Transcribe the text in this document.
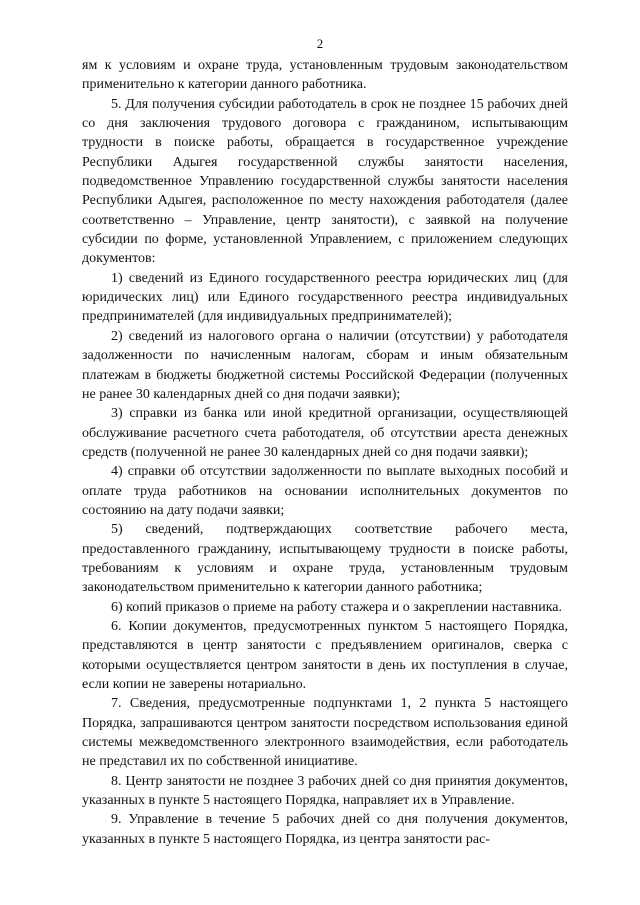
2

ям к условиям и охране труда, установленным трудовым законодательством применительно к категории данного работника.

5. Для получения субсидии работодатель в срок не позднее 15 рабочих дней со дня заключения трудового договора с гражданином, испытывающим трудности в поиске работы, обращается в государственное учреждение Республики Адыгея государственной службы занятости населения, подведомственное Управлению государственной службы занятости населения Республики Адыгея, расположенное по месту нахождения работодателя (далее соответственно – Управление, центр занятости), с заявкой на получение субсидии по форме, установленной Управлением, с приложением следующих документов:

1) сведений из Единого государственного реестра юридических лиц (для юридических лиц) или Единого государственного реестра индивидуальных предпринимателей (для индивидуальных предпринимателей);

2) сведений из налогового органа о наличии (отсутствии) у работодателя задолженности по начисленным налогам, сборам и иным обязательным платежам в бюджеты бюджетной системы Российской Федерации (полученных не ранее 30 календарных дней со дня подачи заявки);

3) справки из банка или иной кредитной организации, осуществляющей обслуживание расчетного счета работодателя, об отсутствии ареста денежных средств (полученной не ранее 30 календарных дней со дня подачи заявки);

4) справки об отсутствии задолженности по выплате выходных пособий и оплате труда работников на основании исполнительных документов по состоянию на дату подачи заявки;

5) сведений, подтверждающих соответствие рабочего места, предоставленного гражданину, испытывающему трудности в поиске работы, требованиям к условиям и охране труда, установленным трудовым законодательством применительно к категории данного работника;

6) копий приказов о приеме на работу стажера и о закреплении наставника.

6. Копии документов, предусмотренных пунктом 5 настоящего Порядка, представляются в центр занятости с предъявлением оригиналов, сверка с которыми осуществляется центром занятости в день их поступления в случае, если копии не заверены нотариально.

7. Сведения, предусмотренные подпунктами 1, 2 пункта 5 настоящего Порядка, запрашиваются центром занятости посредством использования единой системы межведомственного электронного взаимодействия, если работодатель не представил их по собственной инициативе.

8. Центр занятости не позднее 3 рабочих дней со дня принятия документов, указанных в пункте 5 настоящего Порядка, направляет их в Управление.

9. Управление в течение 5 рабочих дней со дня получения документов, указанных в пункте 5 настоящего Порядка, из центра занятости рас-
